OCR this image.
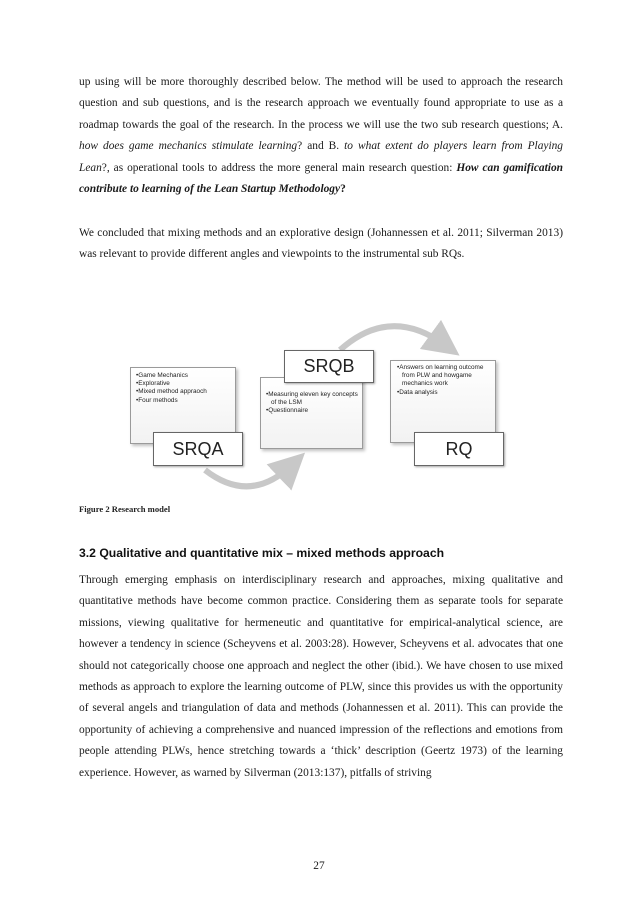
up using will be more thoroughly described below. The method will be used to approach the research question and sub questions, and is the research approach we eventually found appropriate to use as a roadmap towards the goal of the research. In the process we will use the two sub research questions; A. how does game mechanics stimulate learning? and B. to what extent do players learn from Playing Lean?, as operational tools to address the more general main research question: How can gamification contribute to learning of the Lean Startup Methodology?

We concluded that mixing methods and an explorative design (Johannessen et al. 2011; Silverman 2013) was relevant to provide different angles and viewpoints to the instrumental sub RQs.

• Game Mechanics
• Explorative
• Mixed method appraoch
• Four methods
SRQA
• Measuring eleven key concepts of the LSM
• Questionnaire
SRQB
•	Answers on learning outcome from PLW and howgame mechanics work
• Data analysis
RQ
Figure 2 Research model
3.2 Qualitative and quantitative mix – mixed methods approach

Through emerging emphasis on interdisciplinary research and approaches, mixing qualitative and quantitative methods have become common practice. Considering them as separate tools for separate missions, viewing qualitative for hermeneutic and quantitative for empirical-analytical science, are however a tendency in science (Scheyvens et al. 2003:28). However, Scheyvens et al. advocates that one should not categorically choose one approach and neglect the other (ibid.). We have chosen to use mixed methods as approach to explore the learning outcome of PLW, since this provides us with the opportunity of several angels and triangulation of data and methods (Johannessen et al. 2011). This can provide the opportunity of achieving a comprehensive and nuanced impression of the reflections and emotions from people attending PLWs, hence stretching towards a ‘thick’ description (Geertz 1973) of the learning experience. However, as warned by Silverman (2013:137), pitfalls of striving

27
